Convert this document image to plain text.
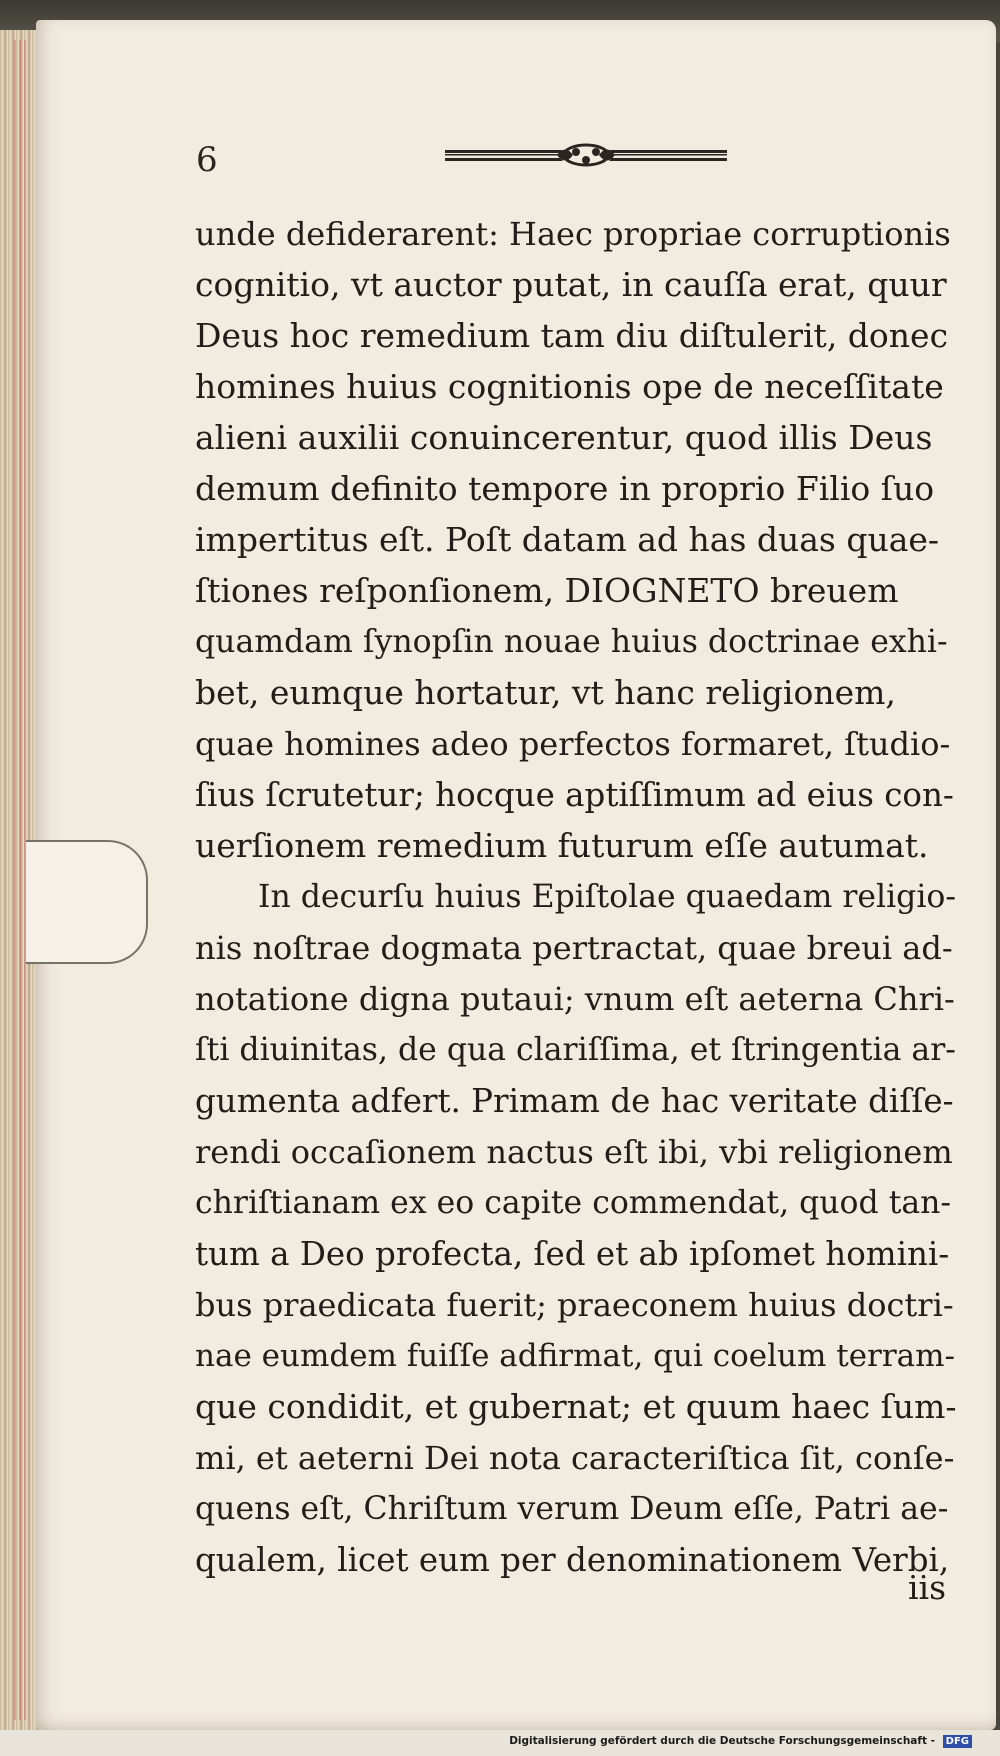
6
unde defiderarent: Haec propriae corruptionis
cognitio, vt auctor putat, in cauſſa erat, quur
Deus hoc remedium tam diu diſtulerit, donec
homines huius cognitionis ope de neceſſitate
alieni auxilii conuincerentur, quod illis Deus
demum definito tempore in proprio Filio ſuo
impertitus eſt. Poſt datam ad has duas quae-
ſtiones reſponſionem, DIOGNETO breuem
quamdam ſynopſin nouae huius doctrinae exhi-
bet, eumque hortatur, vt hanc religionem,
quae homines adeo perfectos formaret, ſtudio-
ſius ſcrutetur; hocque aptiſſimum ad eius con-
uerſionem remedium futurum eſſe autumat.
In decurſu huius Epiſtolae quaedam religio-
nis noſtrae dogmata pertractat, quae breui ad-
notatione digna putaui; vnum eſt aeterna Chri-
ſti diuinitas, de qua clariſſima, et ſtringentia ar-
gumenta adfert. Primam de hac veritate diſſe-
rendi occaſionem nactus eſt ibi, vbi religionem
chriſtianam ex eo capite commendat, quod tan-
tum a Deo profecta, ſed et ab ipſomet homini-
bus praedicata fuerit; praeconem huius doctri-
nae eumdem fuiſſe adfirmat, qui coelum terram-
que condidit, et gubernat; et quum haec ſum-
mi, et aeterni Dei nota caracteriſtica ſit, conſe-
quens eſt, Chriſtum verum Deum eſſe, Patri ae-
qualem, licet eum per denominationem Verbi,
iis
Digitalisierung gefördert durch die Deutsche Forschungsgemeinschaft - DFG
